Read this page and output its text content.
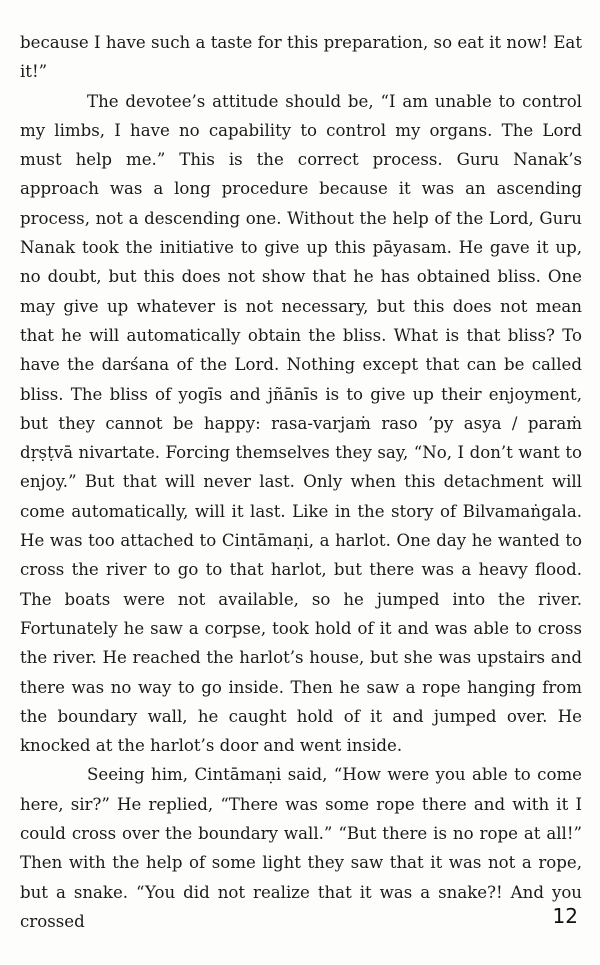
because I have such a taste for this preparation, so eat it now! Eat it!”

The devotee’s attitude should be, “I am unable to control my limbs, I have no capability to control my organs. The Lord must help me.” This is the correct process. Guru Nanak’s approach was a long procedure because it was an ascending process, not a descending one. Without the help of the Lord, Guru Nanak took the initiative to give up this pāyasam. He gave it up, no doubt, but this does not show that he has obtained bliss. One may give up whatever is not necessary, but this does not mean that he will automatically obtain the bliss. What is that bliss? To have the darśana of the Lord. Nothing except that can be called bliss. The bliss of yogīs and jñānīs is to give up their enjoyment, but they cannot be happy: rasa-varjaṁ raso ’py asya / paraṁ dṛṣṭvā nivartate. Forcing themselves they say, “No, I don’t want to enjoy.” But that will never last. Only when this detachment will come automatically, will it last. Like in the story of Bilvamaṅgala. He was too attached to Cintāmaṇi, a harlot. One day he wanted to cross the river to go to that harlot, but there was a heavy flood. The boats were not available, so he jumped into the river. Fortunately he saw a corpse, took hold of it and was able to cross the river. He reached the harlot’s house, but she was upstairs and there was no way to go inside. Then he saw a rope hanging from the boundary wall, he caught hold of it and jumped over. He knocked at the harlot’s door and went inside.

Seeing him, Cintāmaṇi said, “How were you able to come here, sir?” He replied, “There was some rope there and with it I could cross over the boundary wall.” “But there is no rope at all!” Then with the help of some light they saw that it was not a rope, but a snake. “You did not realize that it was a snake?! And you crossed	12
